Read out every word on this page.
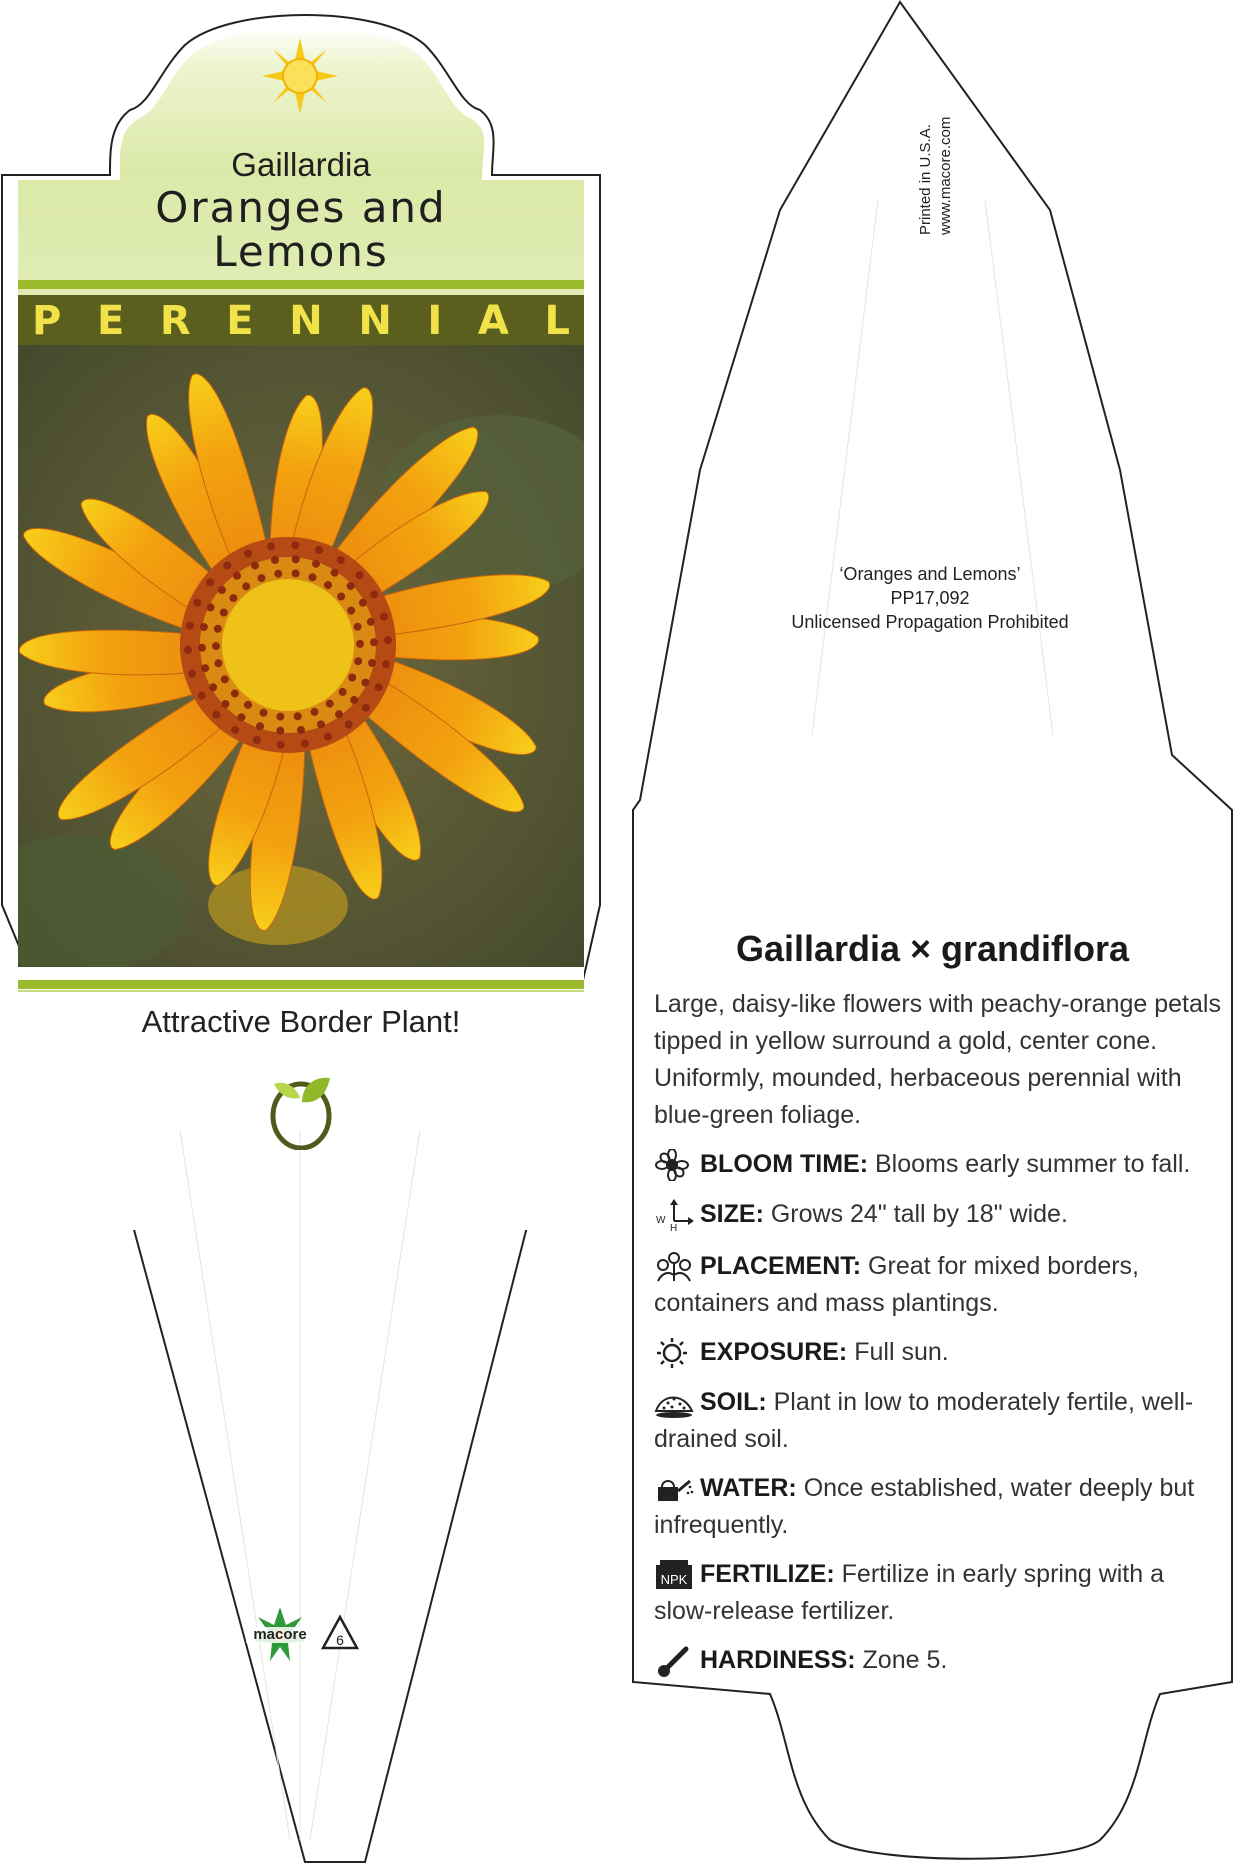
Gaillardia
Oranges and Lemons
P E R E N N I A L
Attractive Border Plant!
macore	6
Printed in U.S.A. www.macore.com
‘Oranges and Lemons’
PP17,092
Unlicensed Propagation Prohibited
Gaillardia × grandiflora
Large, daisy-like flowers with peachy-orange petals tipped in yellow surround a gold, center cone. Uniformly, mounded, herbaceous perennial with blue-green foliage.
BLOOM TIME: Blooms early summer to fall.
W
H
SIZE: Grows 24" tall by 18" wide.
PLACEMENT: Great for mixed borders, containers and mass plantings.
EXPOSURE: Full sun.
SOIL: Plant in low to moderately fertile, well-drained soil.
WATER: Once established, water deeply but infrequently.
NPK FERTILIZE: Fertilize in early spring with a slow-release fertilizer.
HARDINESS: Zone 5.
